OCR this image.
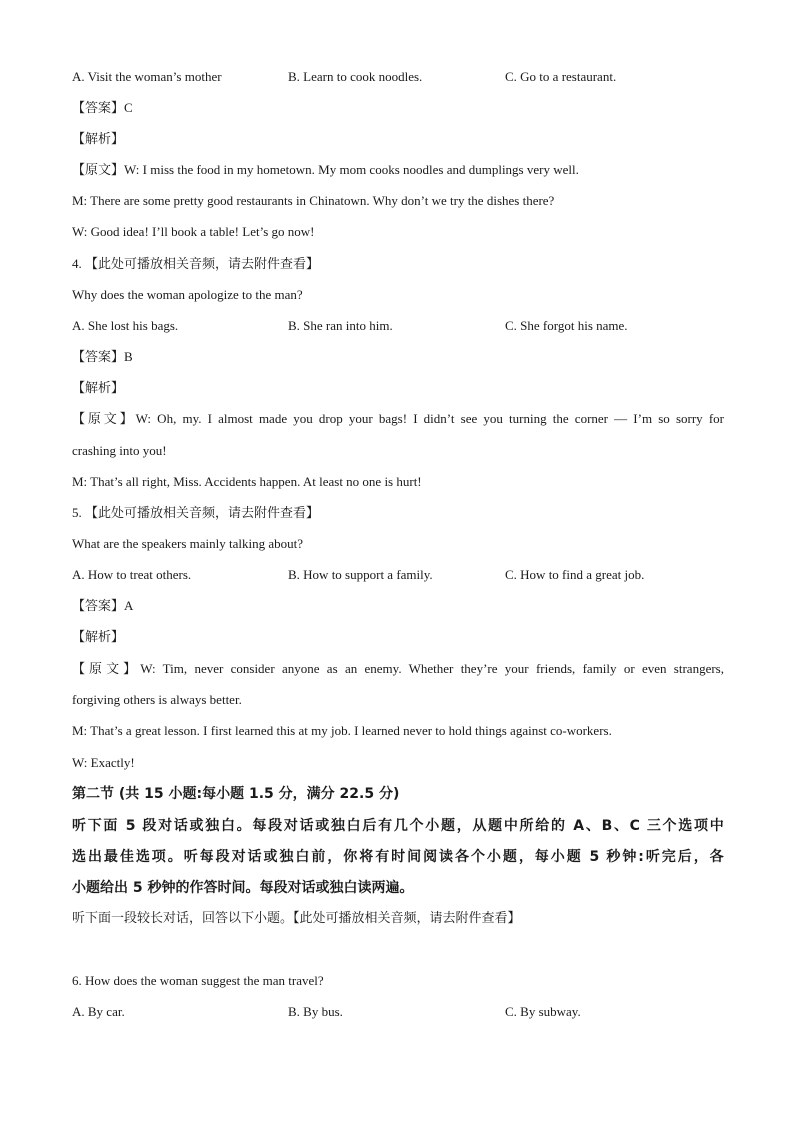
A. Visit the woman’s mother	B. Learn to cook noodles.	C. Go to a restaurant.
【答案】C
【解析】
【原文】W: I miss the food in my hometown. My mom cooks noodles and dumplings very well.
M: There are some pretty good restaurants in Chinatown. Why don’t we try the dishes there?
W: Good idea! I’ll book a table! Let’s go now!
4. 【此处可播放相关音频，请去附件查看】
Why does the woman apologize to the man?
A. She lost his bags.	B. She ran into him.	C. She forgot his name.
【答案】B
【解析】
【原文】W: Oh, my. I almost made you drop your bags! I didn’t see you turning the corner — I’m so sorry for
crashing into you!
M: That’s all right, Miss. Accidents happen. At least no one is hurt!
5. 【此处可播放相关音频，请去附件查看】
What are the speakers mainly talking about?
A. How to treat others.	B. How to support a family.	C. How to find a great job.
【答案】A
【解析】
【原文】W: Tim, never consider anyone as an enemy. Whether they’re your friends, family or even strangers,
forgiving others is always better.
M: That’s a great lesson. I first learned this at my job. I learned never to hold things against co-workers.
W: Exactly!
第二节 (共 15 小题:每小题 1.5 分，满分 22.5 分)
听下面 5 段对话或独白。每段对话或独白后有几个小题，从题中所给的 A、B、C 三个选项中
选出最佳选项。听每段对话或独白前，你将有时间阅读各个小题，每小题 5 秒钟:听完后，各
小题给出 5 秒钟的作答时间。每段对话或独白读两遍。
听下面一段较长对话，回答以下小题。【此处可播放相关音频，请去附件查看】
6. How does the woman suggest the man travel?
A. By car.	B. By bus.	C. By subway.
